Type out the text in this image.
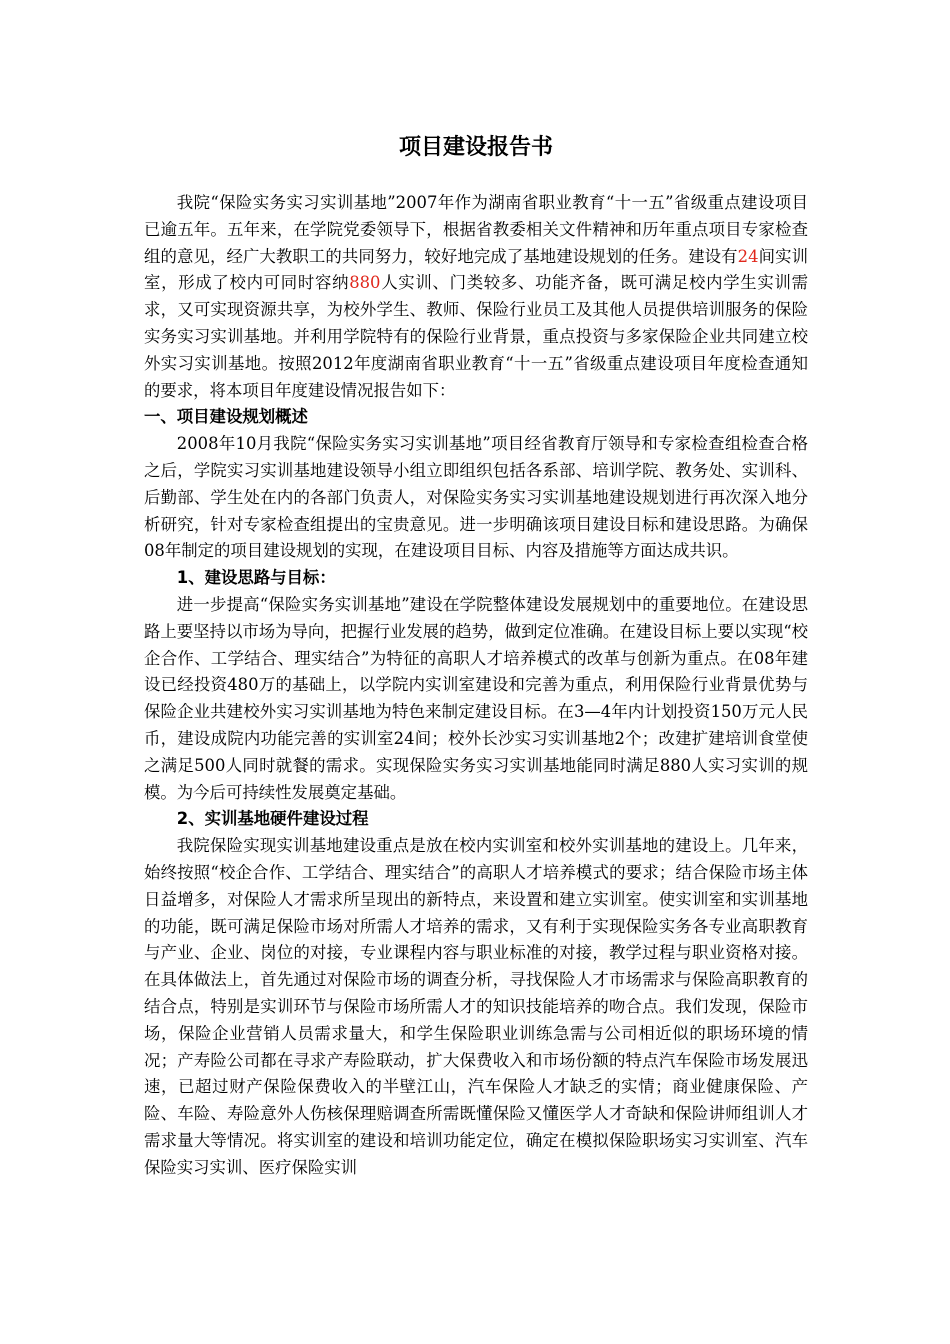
项目建设报告书

我院“保险实务实习实训基地”2007年作为湖南省职业教育“十一五”省级重点建设项目已逾五年。五年来，在学院党委领导下，根据省教委相关文件精神和历年重点项目专家检查组的意见，经广大教职工的共同努力，较好地完成了基地建设规划的任务。建设有24间实训室，形成了校内可同时容纳880人实训、门类较多、功能齐备，既可满足校内学生实训需求，又可实现资源共享，为校外学生、教师、保险行业员工及其他人员提供培训服务的保险实务实习实训基地。并利用学院特有的保险行业背景，重点投资与多家保险企业共同建立校外实习实训基地。按照2012年度湖南省职业教育“十一五”省级重点建设项目年度检查通知的要求，将本项目年度建设情况报告如下：

一、项目建设规划概述

2008年10月我院“保险实务实习实训基地”项目经省教育厅领导和专家检查组检查合格之后，学院实习实训基地建设领导小组立即组织包括各系部、培训学院、教务处、实训科、后勤部、学生处在内的各部门负责人，对保险实务实习实训基地建设规划进行再次深入地分析研究，针对专家检查组提出的宝贵意见。进一步明确该项目建设目标和建设思路。为确保08年制定的项目建设规划的实现，在建设项目目标、内容及措施等方面达成共识。

1、建设思路与目标：

进一步提高“保险实务实训基地”建设在学院整体建设发展规划中的重要地位。在建设思路上要坚持以市场为导向，把握行业发展的趋势，做到定位准确。在建设目标上要以实现“校企合作、工学结合、理实结合”为特征的高职人才培养模式的改革与创新为重点。在08年建设已经投资480万的基础上，以学院内实训室建设和完善为重点，利用保险行业背景优势与保险企业共建校外实习实训基地为特色来制定建设目标。在3—4年内计划投资150万元人民币，建设成院内功能完善的实训室24间；校外长沙实习实训基地2个；改建扩建培训食堂使之满足500人同时就餐的需求。实现保险实务实习实训基地能同时满足880人实习实训的规模。为今后可持续性发展奠定基础。

2、实训基地硬件建设过程

我院保险实现实训基地建设重点是放在校内实训室和校外实训基地的建设上。几年来，始终按照“校企合作、工学结合、理实结合”的高职人才培养模式的要求；结合保险市场主体日益增多，对保险人才需求所呈现出的新特点，来设置和建立实训室。使实训室和实训基地的功能，既可满足保险市场对所需人才培养的需求，又有利于实现保险实务各专业高职教育与产业、企业、岗位的对接，专业课程内容与职业标准的对接，教学过程与职业资格对接。在具体做法上，首先通过对保险市场的调查分析，寻找保险人才市场需求与保险高职教育的结合点，特别是实训环节与保险市场所需人才的知识技能培养的吻合点。我们发现，保险市场，保险企业营销人员需求量大，和学生保险职业训练急需与公司相近似的职场环境的情况；产寿险公司都在寻求产寿险联动，扩大保费收入和市场份额的特点汽车保险市场发展迅速，已超过财产保险保费收入的半壁江山，汽车保险人才缺乏的实情；商业健康保险、产险、车险、寿险意外人伤核保理赔调查所需既懂保险又懂医学人才奇缺和保险讲师组训人才需求量大等情况。将实训室的建设和培训功能定位，确定在模拟保险职场实习实训室、汽车保险实习实训、医疗保险实训
